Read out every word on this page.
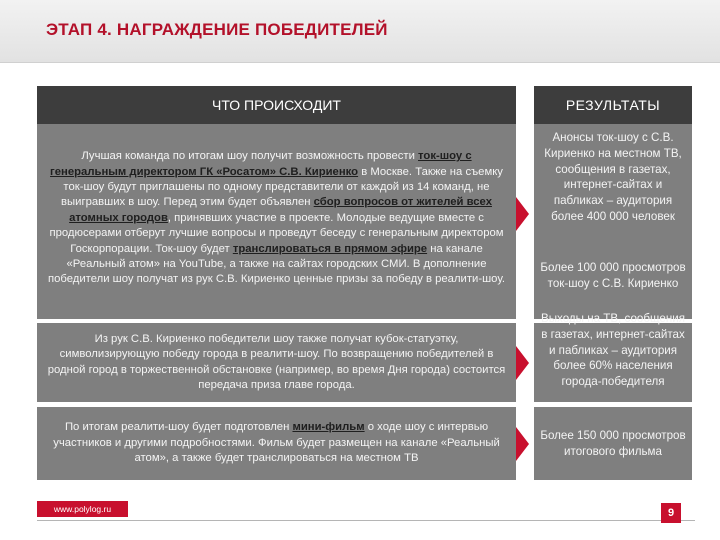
ЭТАП 4. НАГРАЖДЕНИЕ ПОБЕДИТЕЛЕЙ
ЧТО ПРОИСХОДИТ	РЕЗУЛЬТАТЫ

Лучшая команда по итогам шоу получит возможность провести ток-шоу с генеральным директором ГК «Росатом» С.В. Кириенко в Москве. Также на съемку ток-шоу будут приглашены по одному представители от каждой из 14 команд, не выигравших в шоу. Перед этим будет объявлен сбор вопросов от жителей всех атомных городов, принявших участие в проекте. Молодые ведущие вместе с продюсерами отберут лучшие вопросы и проведут беседу с генеральным директором Госкорпорации. Ток-шоу будет транслироваться в прямом эфире на канале «Реальный атом» на YouTube, а также на сайтах городских СМИ. В дополнение победители шоу получат из рук С.В. Кириенко ценные призы за победу в реалити-шоу.

Анонсы ток-шоу с С.В. Кириенко на местном ТВ, сообщения в газетах, интернет-сайтах и пабликах – аудитория более 400 000 человек
Более 100 000 просмотров ток-шоу с С.В. Кириенко
Из рук С.В. Кириенко победители шоу также получат кубок-статуэтку, символизирующую победу города в реалити-шоу. По возвращению победителей в родной город в торжественной обстановке (например, во время Дня города) состоится передача приза главе города.
Выходы на ТВ, сообщения в газетах, интернет-сайтах и пабликах – аудитория более 60% населения города-победителя
По итогам реалити-шоу будет подготовлен мини-фильм о ходе шоу с интервью участников и другими подробностями. Фильм будет размещен на канале «Реальный атом», а также будет транслироваться на местном ТВ
Более 150 000 просмотров итогового фильма
www.polylog.ru	9
